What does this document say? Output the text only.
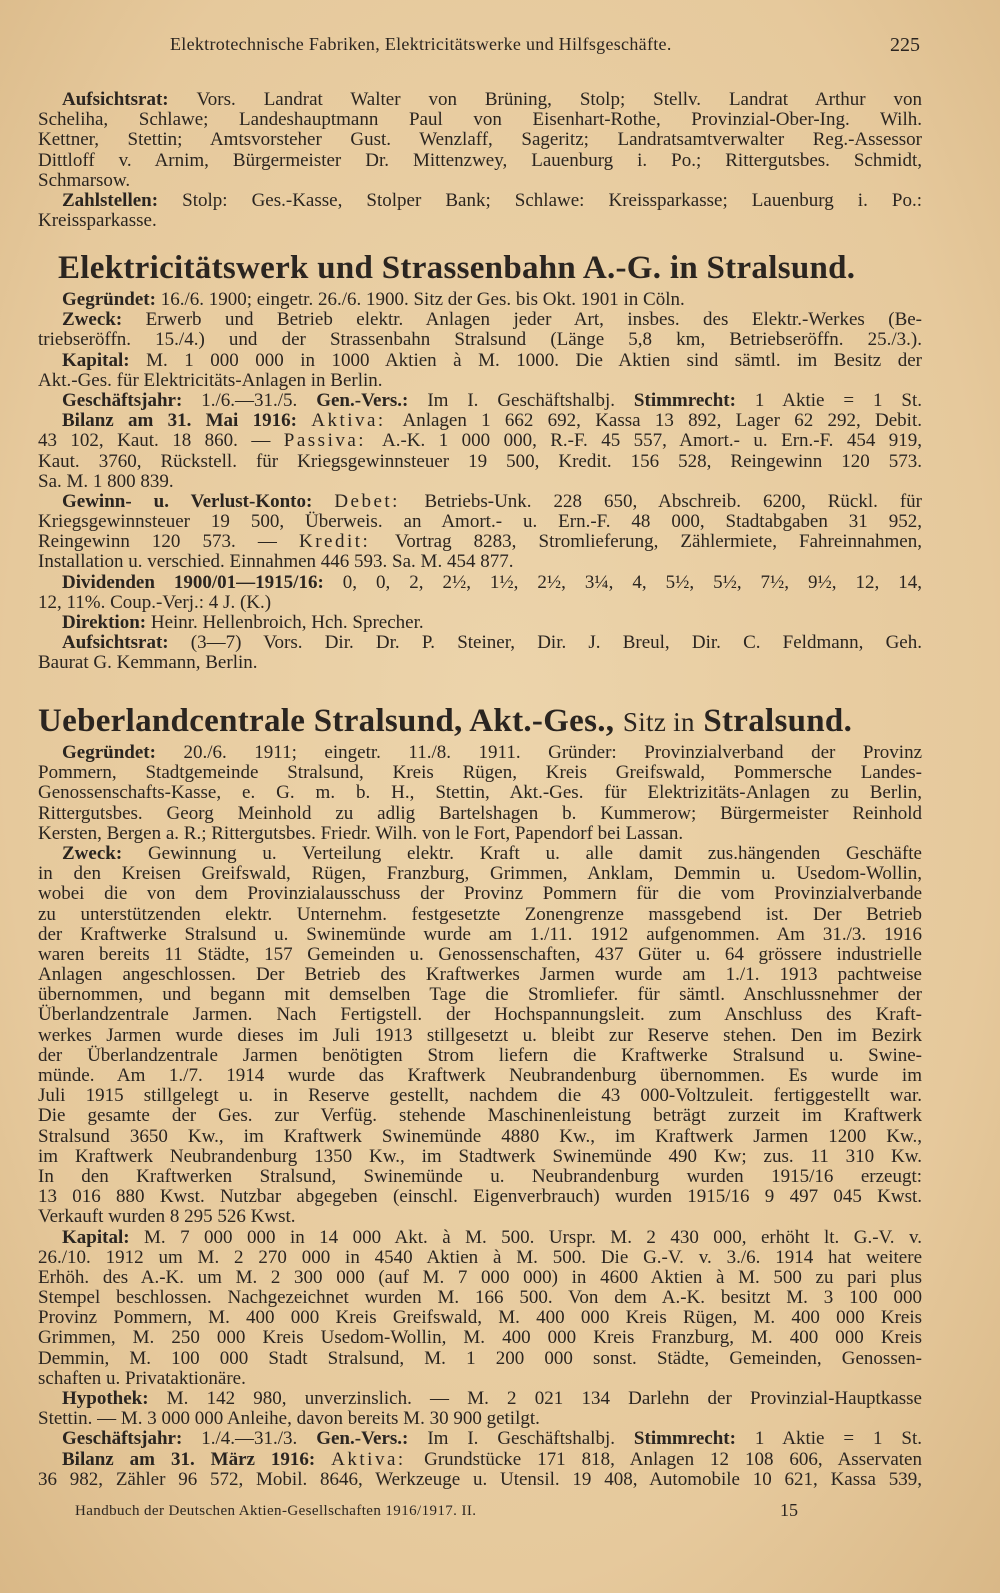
Elektrotechnische Fabriken, Elektricitätswerke und Hilfsgeschäfte.	225
Aufsichtsrat: Vors. Landrat Walter von Brüning, Stolp; Stellv. Landrat Arthur von
Scheliha, Schlawe; Landeshauptmann Paul von Eisenhart-Rothe, Provinzial-Ober-Ing. Wilh.
Kettner, Stettin; Amtsvorsteher Gust. Wenzlaff, Sageritz; Landratsamtverwalter Reg.-Assessor
Dittloff v. Arnim, Bürgermeister Dr. Mittenzwey, Lauenburg i. Po.; Rittergutsbes. Schmidt,
Schmarsow.
Zahlstellen: Stolp: Ges.-Kasse, Stolper Bank; Schlawe: Kreissparkasse; Lauenburg i. Po.:
Kreissparkasse.
Elektricitätswerk und Strassenbahn A.-G. in Stralsund.
Gegründet: 16./6. 1900; eingetr. 26./6. 1900. Sitz der Ges. bis Okt. 1901 in Cöln.
Zweck: Erwerb und Betrieb elektr. Anlagen jeder Art, insbes. des Elektr.-Werkes (Be-
triebseröffn. 15./4.) und der Strassenbahn Stralsund (Länge 5,8 km, Betriebseröffn. 25./3.).
Kapital: M. 1 000 000 in 1000 Aktien à M. 1000. Die Aktien sind sämtl. im Besitz der
Akt.-Ges. für Elektricitäts-Anlagen in Berlin.
Geschäftsjahr: 1./6.—31./5. Gen.-Vers.: Im I. Geschäftshalbj. Stimmrecht: 1 Aktie = 1 St.
Bilanz am 31. Mai 1916: Aktiva: Anlagen 1 662 692, Kassa 13 892, Lager 62 292, Debit.
43 102, Kaut. 18 860. — Passiva: A.-K. 1 000 000, R.-F. 45 557, Amort.- u. Ern.-F. 454 919,
Kaut. 3760, Rückstell. für Kriegsgewinnsteuer 19 500, Kredit. 156 528, Reingewinn 120 573.
Sa. M. 1 800 839.
Gewinn- u. Verlust-Konto: Debet: Betriebs-Unk. 228 650, Abschreib. 6200, Rückl. für
Kriegsgewinnsteuer 19 500, Überweis. an Amort.- u. Ern.-F. 48 000, Stadtabgaben 31 952,
Reingewinn 120 573. — Kredit: Vortrag 8283, Stromlieferung, Zählermiete, Fahreinnahmen,
Installation u. verschied. Einnahmen 446 593. Sa. M. 454 877.
Dividenden 1900/01—1915/16: 0, 0, 2, 2½, 1½, 2½, 3¼, 4, 5½, 5½, 7½, 9½, 12, 14,
12, 11%. Coup.-Verj.: 4 J. (K.)
Direktion: Heinr. Hellenbroich, Hch. Sprecher.
Aufsichtsrat: (3—7) Vors. Dir. Dr. P. Steiner, Dir. J. Breul, Dir. C. Feldmann, Geh.
Baurat G. Kemmann, Berlin.
Ueberlandcentrale Stralsund, Akt.-Ges., Sitz in Stralsund.
Gegründet: 20./6. 1911; eingetr. 11./8. 1911. Gründer: Provinzialverband der Provinz
Pommern, Stadtgemeinde Stralsund, Kreis Rügen, Kreis Greifswald, Pommersche Landes-
Genossenschafts-Kasse, e. G. m. b. H., Stettin, Akt.-Ges. für Elektrizitäts-Anlagen zu Berlin,
Rittergutsbes. Georg Meinhold zu adlig Bartelshagen b. Kummerow; Bürgermeister Reinhold
Kersten, Bergen a. R.; Rittergutsbes. Friedr. Wilh. von le Fort, Papendorf bei Lassan.
Zweck: Gewinnung u. Verteilung elektr. Kraft u. alle damit zus.hängenden Geschäfte
in den Kreisen Greifswald, Rügen, Franzburg, Grimmen, Anklam, Demmin u. Usedom-Wollin,
wobei die von dem Provinzialausschuss der Provinz Pommern für die vom Provinzialverbande
zu unterstützenden elektr. Unternehm. festgesetzte Zonengrenze massgebend ist. Der Betrieb
der Kraftwerke Stralsund u. Swinemünde wurde am 1./11. 1912 aufgenommen. Am 31./3. 1916
waren bereits 11 Städte, 157 Gemeinden u. Genossenschaften, 437 Güter u. 64 grössere industrielle
Anlagen angeschlossen. Der Betrieb des Kraftwerkes Jarmen wurde am 1./1. 1913 pachtweise
übernommen, und begann mit demselben Tage die Stromliefer. für sämtl. Anschlussnehmer der
Überlandzentrale Jarmen. Nach Fertigstell. der Hochspannungsleit. zum Anschluss des Kraft-
werkes Jarmen wurde dieses im Juli 1913 stillgesetzt u. bleibt zur Reserve stehen. Den im Bezirk
der Überlandzentrale Jarmen benötigten Strom liefern die Kraftwerke Stralsund u. Swine-
münde. Am 1./7. 1914 wurde das Kraftwerk Neubrandenburg übernommen. Es wurde im
Juli 1915 stillgelegt u. in Reserve gestellt, nachdem die 43 000-Voltzuleit. fertiggestellt war.
Die gesamte der Ges. zur Verfüg. stehende Maschinenleistung beträgt zurzeit im Kraftwerk
Stralsund 3650 Kw., im Kraftwerk Swinemünde 4880 Kw., im Kraftwerk Jarmen 1200 Kw.,
im Kraftwerk Neubrandenburg 1350 Kw., im Stadtwerk Swinemünde 490 Kw; zus. 11 310 Kw.
In den Kraftwerken Stralsund, Swinemünde u. Neubrandenburg wurden 1915/16 erzeugt:
13 016 880 Kwst. Nutzbar abgegeben (einschl. Eigenverbrauch) wurden 1915/16 9 497 045 Kwst.
Verkauft wurden 8 295 526 Kwst.
Kapital: M. 7 000 000 in 14 000 Akt. à M. 500. Urspr. M. 2 430 000, erhöht lt. G.-V. v.
26./10. 1912 um M. 2 270 000 in 4540 Aktien à M. 500. Die G.-V. v. 3./6. 1914 hat weitere
Erhöh. des A.-K. um M. 2 300 000 (auf M. 7 000 000) in 4600 Aktien à M. 500 zu pari plus
Stempel beschlossen. Nachgezeichnet wurden M. 166 500. Von dem A.-K. besitzt M. 3 100 000
Provinz Pommern, M. 400 000 Kreis Greifswald, M. 400 000 Kreis Rügen, M. 400 000 Kreis
Grimmen, M. 250 000 Kreis Usedom-Wollin, M. 400 000 Kreis Franzburg, M. 400 000 Kreis
Demmin, M. 100 000 Stadt Stralsund, M. 1 200 000 sonst. Städte, Gemeinden, Genossen-
schaften u. Privataktionäre.
Hypothek: M. 142 980, unverzinslich. — M. 2 021 134 Darlehn der Provinzial-Hauptkasse
Stettin. — M. 3 000 000 Anleihe, davon bereits M. 30 900 getilgt.
Geschäftsjahr: 1./4.—31./3. Gen.-Vers.: Im I. Geschäftshalbj. Stimmrecht: 1 Aktie = 1 St.
Bilanz am 31. März 1916: Aktiva: Grundstücke 171 818, Anlagen 12 108 606, Asservaten
36 982, Zähler 96 572, Mobil. 8646, Werkzeuge u. Utensil. 19 408, Automobile 10 621, Kassa 539,
Handbuch der Deutschen Aktien-Gesellschaften 1916/1917. II.	15
